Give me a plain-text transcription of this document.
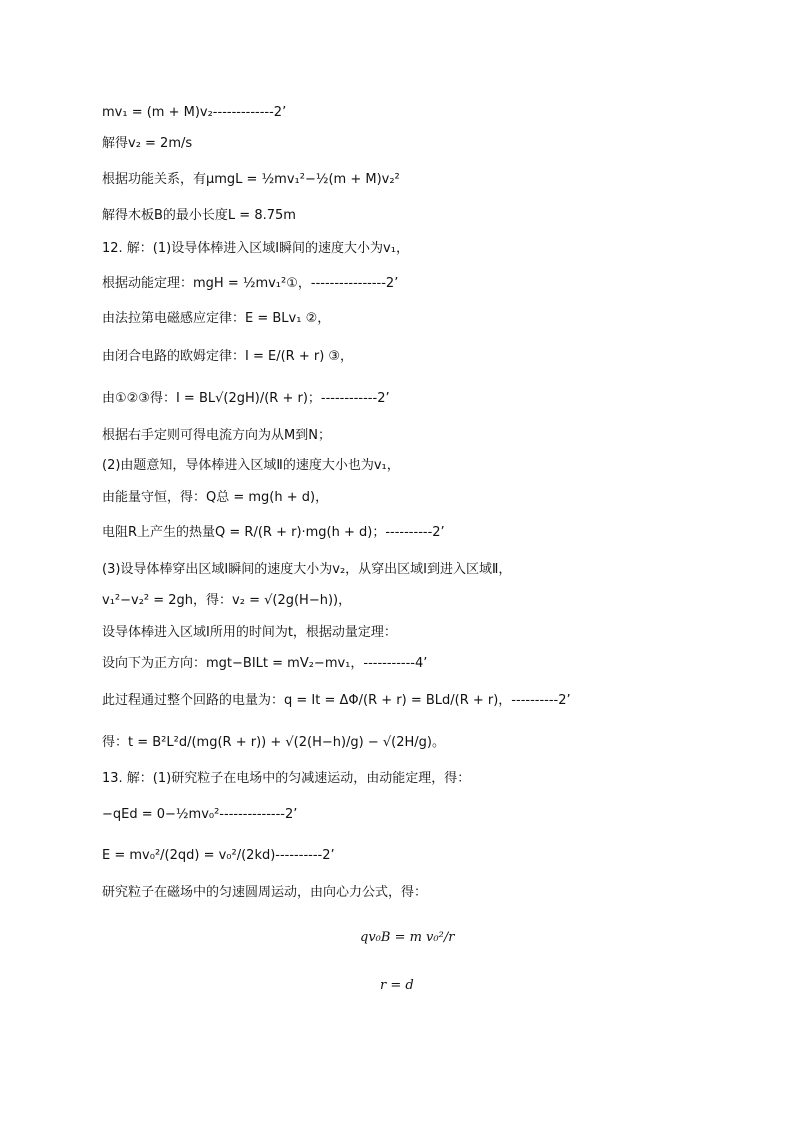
mv₁ = (m + M)v₂-------------2’
解得v₂ = 2m/s
根据功能关系，有μmgL = ½mv₁²−½(m + M)v₂²
解得木板B的最小长度L = 8.75m
12. 解：(1)设导体棒进入区域Ⅰ瞬间的速度大小为v₁，
根据动能定理：mgH = ½mv₁²①，----------------2’
由法拉第电磁感应定律：E = BLv₁ ②，
由闭合电路的欧姆定律：I = E/(R + r) ③，
由①②③得：I = BL√(2gH)/(R + r)；------------2’
根据右手定则可得电流方向为从M到N；
(2)由题意知，导体棒进入区域Ⅱ的速度大小也为v₁，
由能量守恒，得：Q总 = mg(h + d)，
电阻R上产生的热量Q = R/(R + r)·mg(h + d)；----------2’
(3)设导体棒穿出区域Ⅰ瞬间的速度大小为v₂，从穿出区域Ⅰ到进入区域Ⅱ，
v₁²−v₂² = 2gh，得：v₂ = √(2g(H−h))，
设导体棒进入区域Ⅰ所用的时间为t，根据动量定理：
设向下为正方向：mgt−BILt = mV₂−mv₁，-----------4’
此过程通过整个回路的电量为：q = It = ΔΦ/(R + r) = BLd/(R + r)，----------2’
得：t = B²L²d/(mg(R + r)) + √(2(H−h)/g) − √(2H/g)。
13. 解：(1)研究粒子在电场中的匀减速运动，由动能定理，得：
−qEd = 0−½mv₀²--------------2’
E = mv₀²/(2qd) = v₀²/(2kd)----------2’
研究粒子在磁场中的匀速圆周运动，由向心力公式，得：
qv₀B = m v₀²/r
r = d
